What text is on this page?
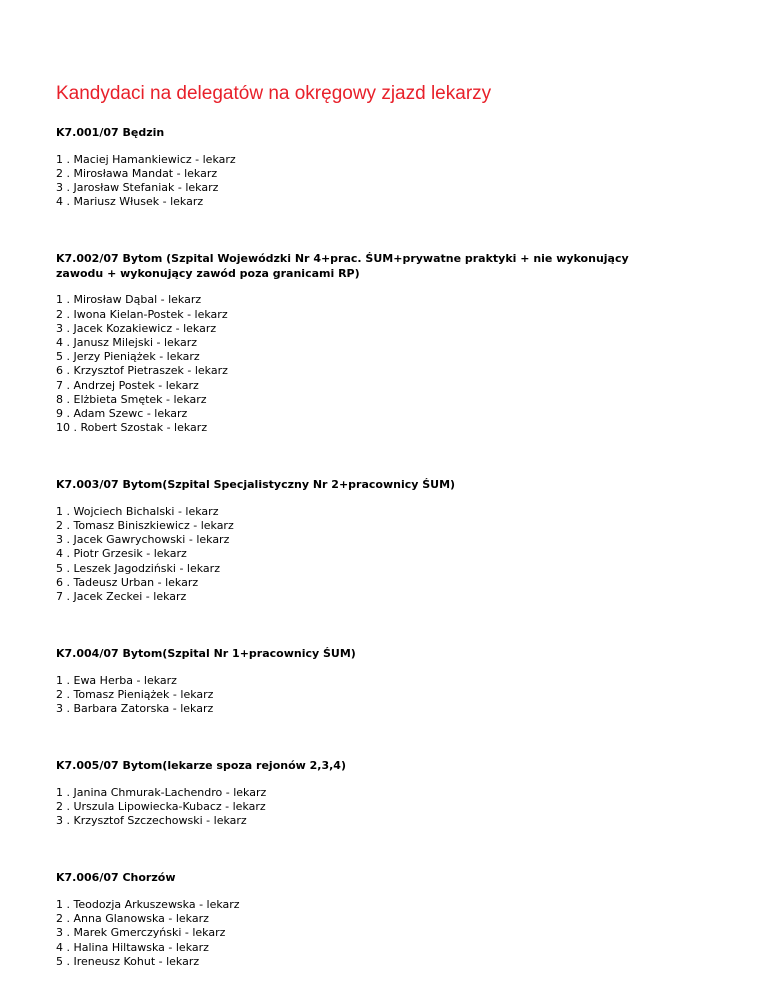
Kandydaci na delegatów na okręgowy zjazd lekarzy
K7.001/07 Będzin
1 . Maciej Hamankiewicz - lekarz
2 . Mirosława Mandat - lekarz
3 . Jarosław Stefaniak - lekarz
4 . Mariusz Włusek - lekarz
K7.002/07 Bytom (Szpital Wojewódzki Nr 4+prac. ŚUM+prywatne praktyki + nie wykonujący zawodu + wykonujący zawód poza granicami RP)
1 . Mirosław Dąbal - lekarz
2 . Iwona Kielan-Postek - lekarz
3 . Jacek Kozakiewicz - lekarz
4 . Janusz Milejski - lekarz
5 . Jerzy Pieniążek - lekarz
6 . Krzysztof Pietraszek - lekarz
7 . Andrzej Postek - lekarz
8 . Elżbieta Smętek - lekarz
9 . Adam Szewc - lekarz
10 . Robert Szostak - lekarz
K7.003/07 Bytom(Szpital Specjalistyczny Nr 2+pracownicy ŚUM)
1 . Wojciech Bichalski - lekarz
2 . Tomasz Biniszkiewicz - lekarz
3 . Jacek Gawrychowski - lekarz
4 . Piotr Grzesik - lekarz
5 . Leszek Jagodziński - lekarz
6 . Tadeusz Urban - lekarz
7 . Jacek Zeckei - lekarz
K7.004/07 Bytom(Szpital Nr 1+pracownicy ŚUM)
1 . Ewa Herba - lekarz
2 . Tomasz Pieniążek - lekarz
3 . Barbara Zatorska - lekarz
K7.005/07 Bytom(lekarze spoza rejonów 2,3,4)
1 . Janina Chmurak-Lachendro - lekarz
2 . Urszula Lipowiecka-Kubacz - lekarz
3 . Krzysztof Szczechowski - lekarz
K7.006/07 Chorzów
1 . Teodozja Arkuszewska - lekarz
2 . Anna Glanowska - lekarz
3 . Marek Gmerczyński - lekarz
4 . Halina Hiltawska - lekarz
5 . Ireneusz Kohut - lekarz
